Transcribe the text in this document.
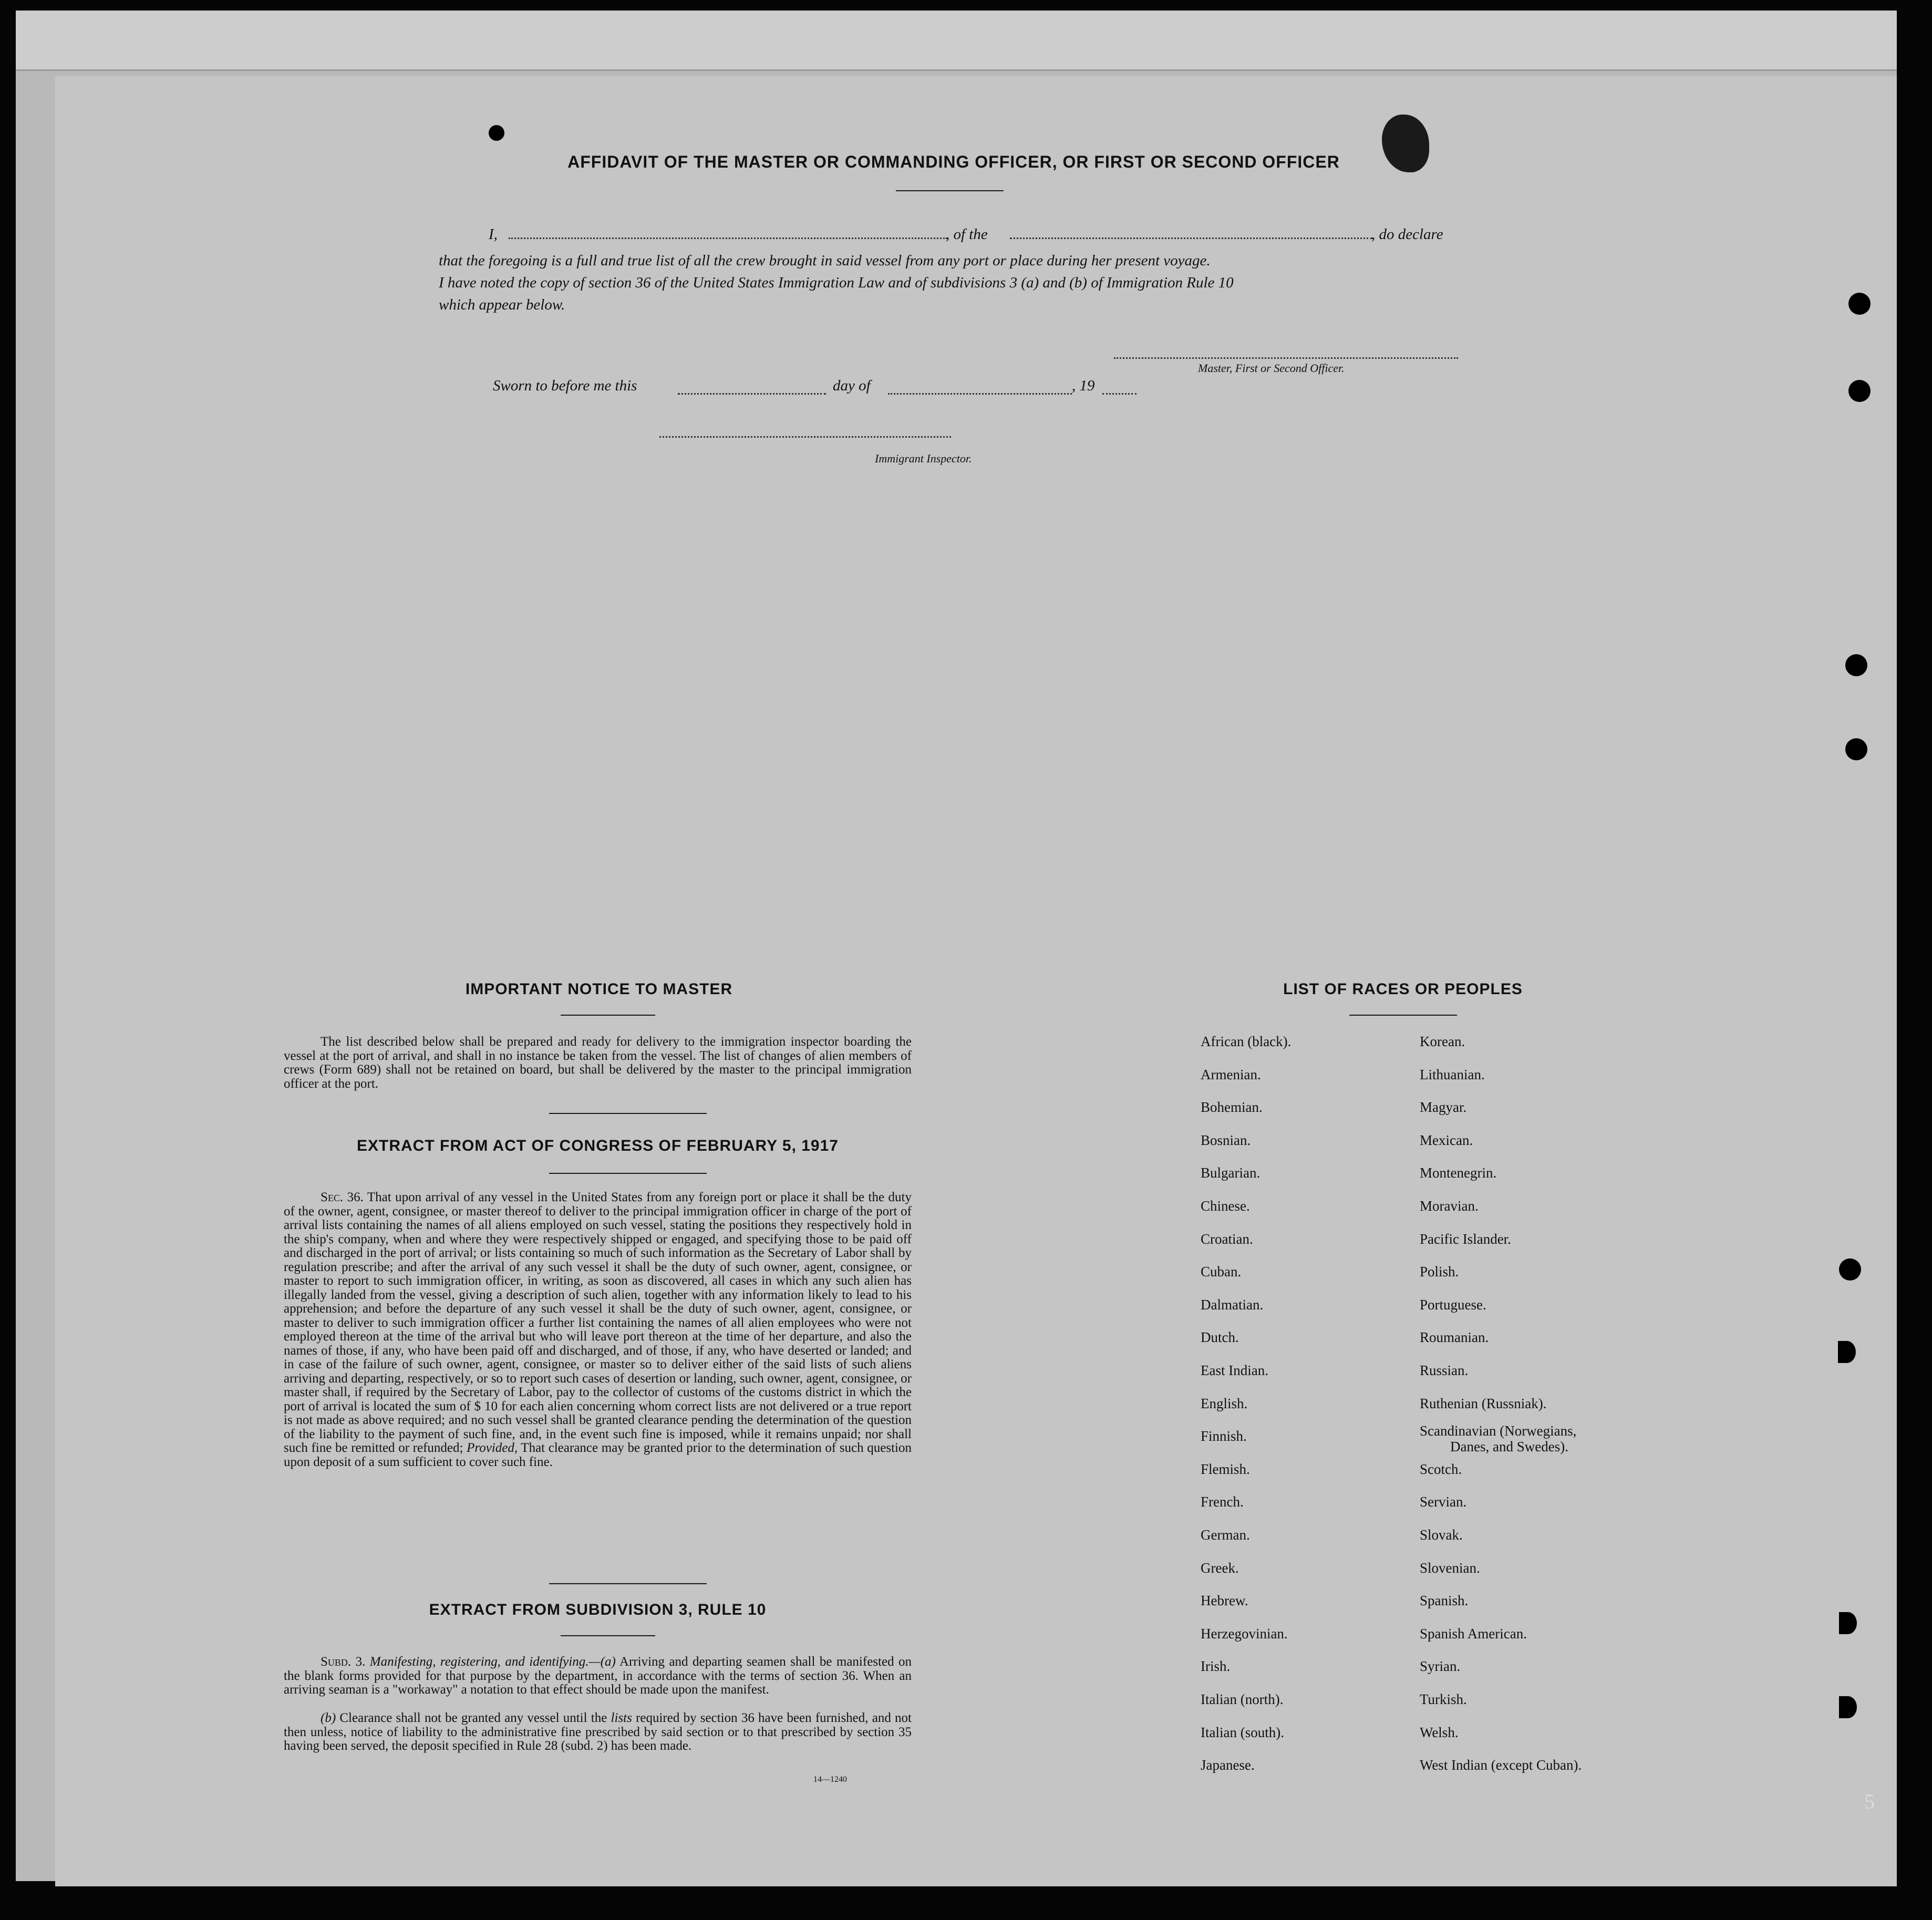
AFFIDAVIT OF THE MASTER OR COMMANDING OFFICER, OR FIRST OR SECOND OFFICER
I,	, of the	, do declare
that the foregoing is a full and true list of all the crew brought in said vessel from any port or place during her present voyage.
I have noted the copy of section 36 of the United States Immigration Law and of subdivisions 3 (a) and (b) of Immigration Rule 10
which appear below.
Master, First or Second Officer.
Sworn to before me this	day of	, 19
Immigrant Inspector.
IMPORTANT NOTICE TO MASTER
The list described below shall be prepared and ready for delivery to the immigration inspector boarding the vessel at the port of arrival, and shall in no instance be taken from the vessel. The list of changes of alien members of crews (Form 689) shall not be retained on board, but shall be delivered by the master to the principal immigration officer at the port.
EXTRACT FROM ACT OF CONGRESS OF FEBRUARY 5, 1917
Sec. 36. That upon arrival of any vessel in the United States from any foreign port or place it shall be the duty of the owner, agent, consignee, or master thereof to deliver to the principal immigration officer in charge of the port of arrival lists containing the names of all aliens employed on such vessel, stating the positions they respectively hold in the ship's company, when and where they were respectively shipped or engaged, and specifying those to be paid off and discharged in the port of arrival; or lists containing so much of such information as the Secretary of Labor shall by regulation prescribe; and after the arrival of any such vessel it shall be the duty of such owner, agent, consignee, or master to report to such immigration officer, in writing, as soon as discovered, all cases in which any such alien has illegally landed from the vessel, giving a description of such alien, together with any information likely to lead to his apprehension; and before the departure of any such vessel it shall be the duty of such owner, agent, consignee, or master to deliver to such immigration officer a further list containing the names of all alien employees who were not employed thereon at the time of the arrival but who will leave port thereon at the time of her departure, and also the names of those, if any, who have been paid off and discharged, and of those, if any, who have deserted or landed; and in case of the failure of such owner, agent, consignee, or master so to deliver either of the said lists of such aliens arriving and departing, respectively, or so to report such cases of desertion or landing, such owner, agent, consignee, or master shall, if required by the Secretary of Labor, pay to the collector of customs of the customs district in which the port of arrival is located the sum of $ 10 for each alien concerning whom correct lists are not delivered or a true report is not made as above required; and no such vessel shall be granted clearance pending the determination of the question of the liability to the payment of such fine, and, in the event such fine is imposed, while it remains unpaid; nor shall such fine be remitted or refunded; Provided, That clearance may be granted prior to the determination of such question upon deposit of a sum sufficient to cover such fine.
EXTRACT FROM SUBDIVISION 3, RULE 10
Subd. 3. Manifesting, registering, and identifying.—(a) Arriving and departing seamen shall be manifested on the blank forms provided for that purpose by the department, in accordance with the terms of section 36. When an arriving seaman is a "workaway" a notation to that effect should be made upon the manifest.
(b) Clearance shall not be granted any vessel until the lists required by section 36 have been furnished, and not then unless, notice of liability to the administrative fine prescribed by said section or to that prescribed by section 35 having been served, the deposit specified in Rule 28 (subd. 2) has been made.
14—1240
LIST OF RACES OR PEOPLES
African (black).
Armenian.
Bohemian.
Bosnian.
Bulgarian.
Chinese.
Croatian.
Cuban.
Dalmatian.
Dutch.
East Indian.
English.
Finnish.
Flemish.
French.
German.
Greek.
Hebrew.
Herzegovinian.
Irish.
Italian (north).
Italian (south).
Japanese.
Korean.
Lithuanian.
Magyar.
Mexican.
Montenegrin.
Moravian.
Pacific Islander.
Polish.
Portuguese.
Roumanian.
Russian.
Ruthenian (Russniak).
Scandinavian (Norwegians,
Danes, and Swedes).
Scotch.
Servian.
Slovak.
Slovenian.
Spanish.
Spanish American.
Syrian.
Turkish.
Welsh.
West Indian (except Cuban).
5
